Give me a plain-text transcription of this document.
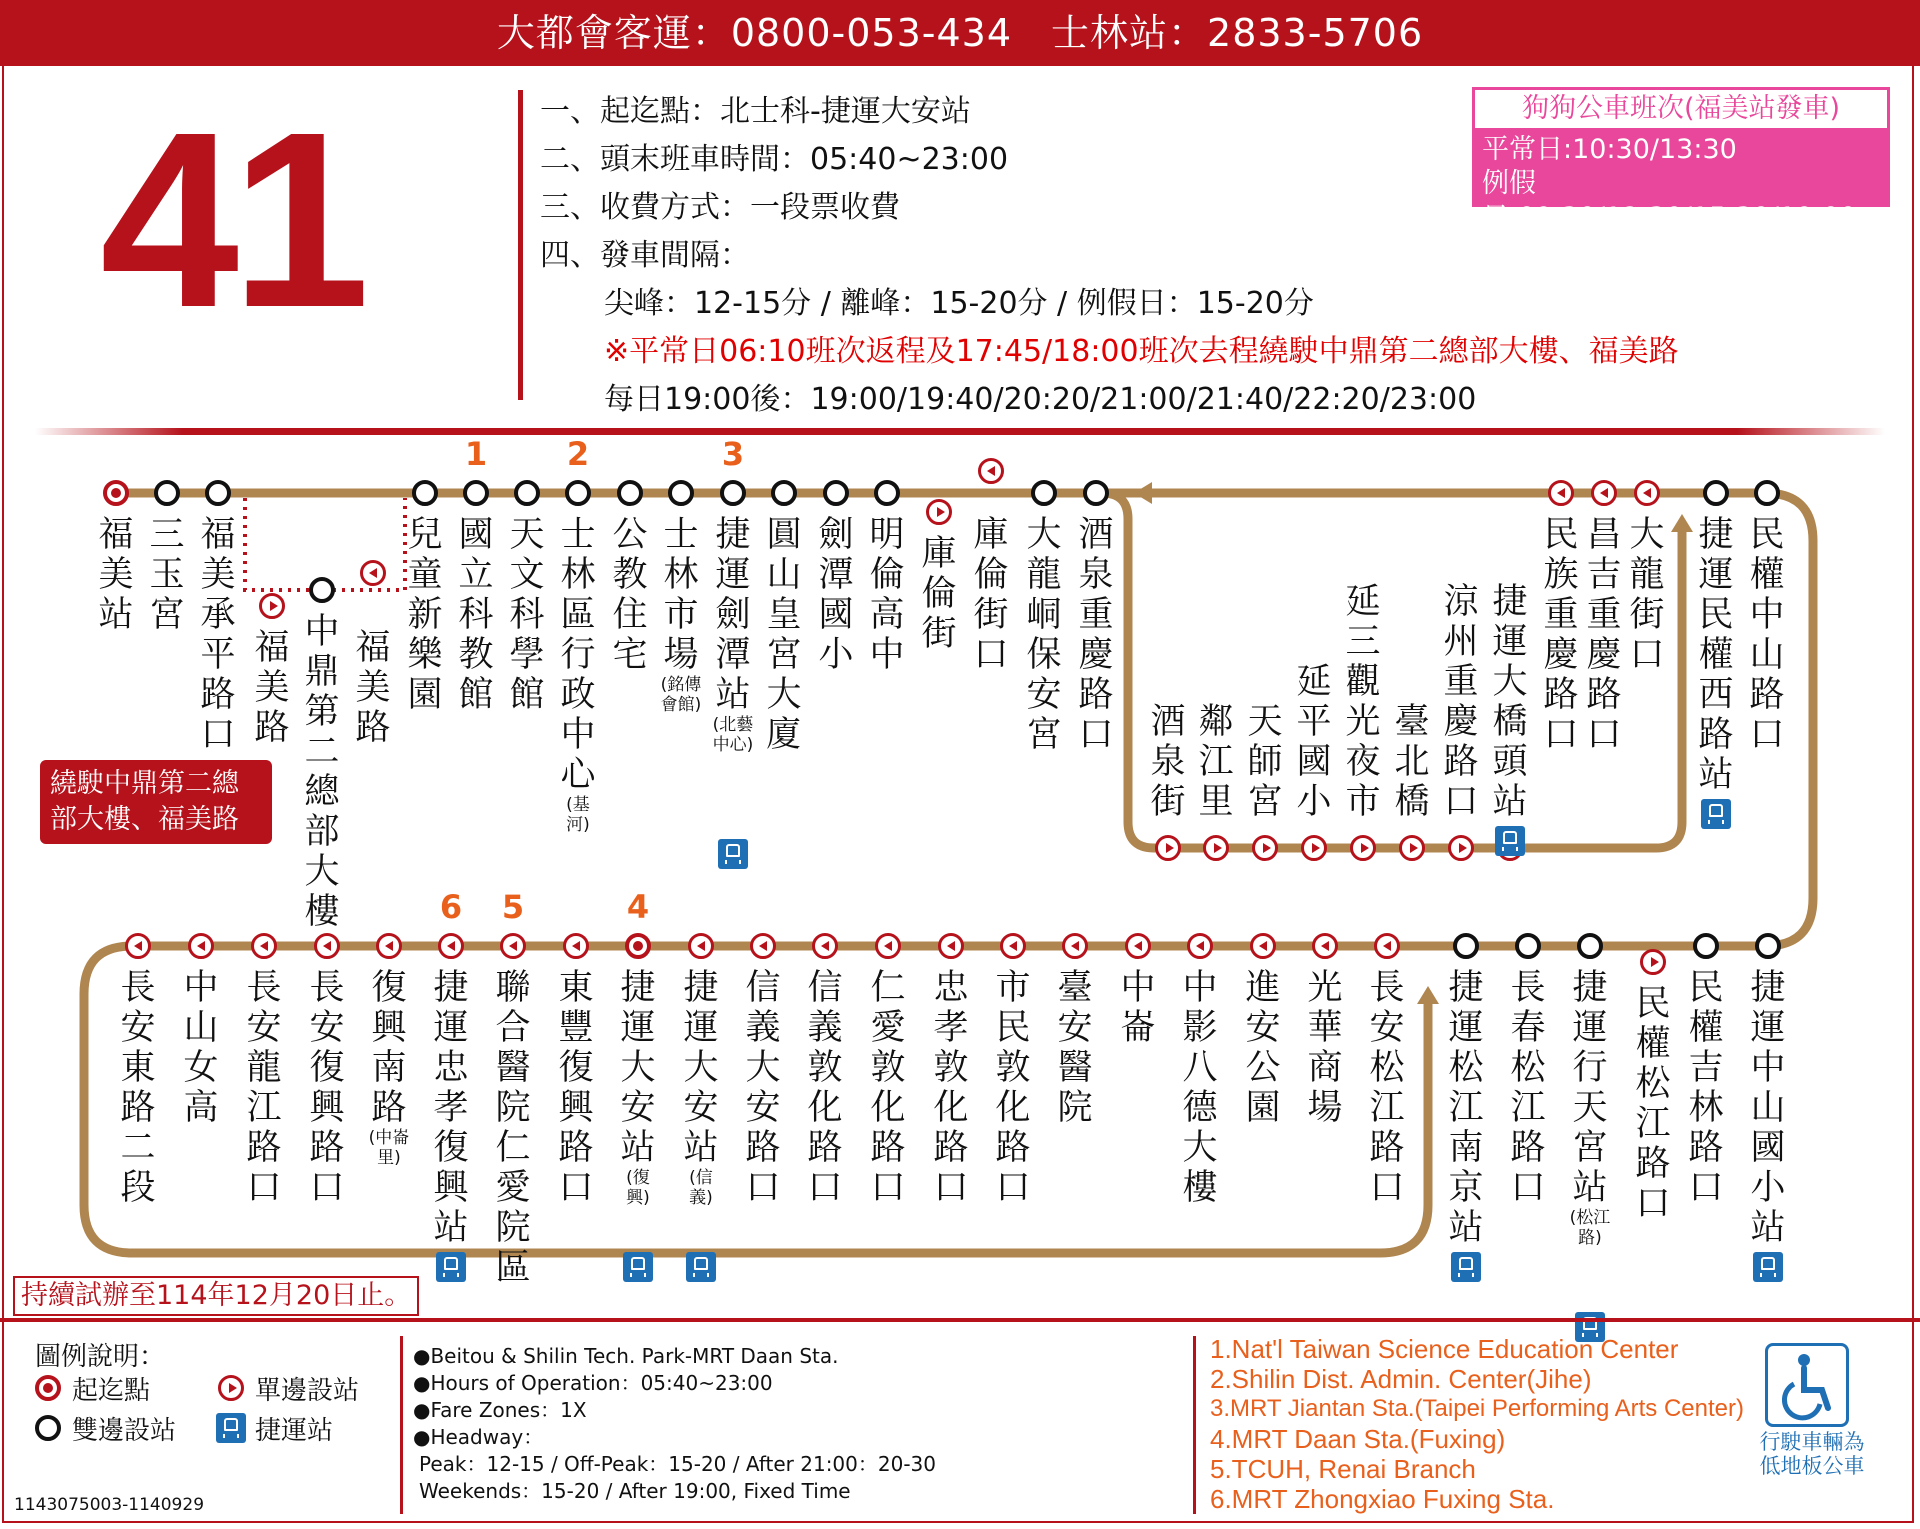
大都會客運：0800-053-434　士林站：2833-5706
41	一、起迄點：北士科-捷運大安站
二、頭末班車時間：05:40~23:00
三、收費方式：一段票收費
四、發車間隔：
尖峰：12-15分 / 離峰：15-20分 / 例假日：15-20分
※平常日06:10班次返程及17:45/18:00班次去程繞駛中鼎第二總部大樓、福美路
每日19:00後：19:00/19:40/20:20/21:00/21:40/22:20/23:00
狗狗公車班次(福美站發車)
平常日:10:30/13:30
例假日:09:30/12:30/15:30/19:00
繞駛中鼎第二總部大樓、福美路
福美站
三玉宮
福美承平路口
福美路
中鼎第二總部大樓
福美路
兒童新樂園
國立科教館
1
天文科學館
士林區行政中心
(基河)
2
公教住宅
士林市場
(銘傳會館)
捷運劍潭站
(北藝中心)
3
圓山皇宮大廈
劍潭國小
明倫高中
庫倫街
庫倫街口
大龍峒保安宮
酒泉重慶路口
民族重慶路口
昌吉重慶路口
大龍街口
捷運民權西路站
民權中山路口
酒泉街
鄰江里
天師宮
延平國小
延三觀光夜市
臺北橋
涼州重慶路口
捷運大橋頭站
長安東路二段
中山女高
長安龍江路口
長安復興路口
復興南路
(中崙里)
捷運忠孝復興站
6
聯合醫院仁愛院區
5
東豐復興路口
捷運大安站
(復興)
4
捷運大安站
(信義)
信義大安路口
信義敦化路口
仁愛敦化路口
忠孝敦化路口
市民敦化路口
臺安醫院
中崙
中影八德大樓
進安公園
光華商場
長安松江路口
捷運松江南京站
長春松江路口
捷運行天宮站
(松江路)
民權松江路口
民權吉林路口
捷運中山國小站
持續試辦至114年12月20日止。
圖例說明：
起迄點	單邊設站
雙邊設站	捷運站
●Beitou & Shilin Tech. Park-MRT Daan Sta.
●Hours of Operation：05:40~23:00
●Fare Zones：1X
●Headway：
Peak：12-15 / Off-Peak：15-20 / After 21:00：20-30
Weekends：15-20 / After 19:00, Fixed Time
1.Nat'l Taiwan Science Education Center
2.Shilin Dist. Admin. Center(Jihe)
3.MRT Jiantan Sta.(Taipei Performing Arts Center)
4.MRT Daan Sta.(Fuxing)
5.TCUH, Renai Branch
6.MRT Zhongxiao Fuxing Sta.
行駛車輛為低地板公車
1143075003-1140929
